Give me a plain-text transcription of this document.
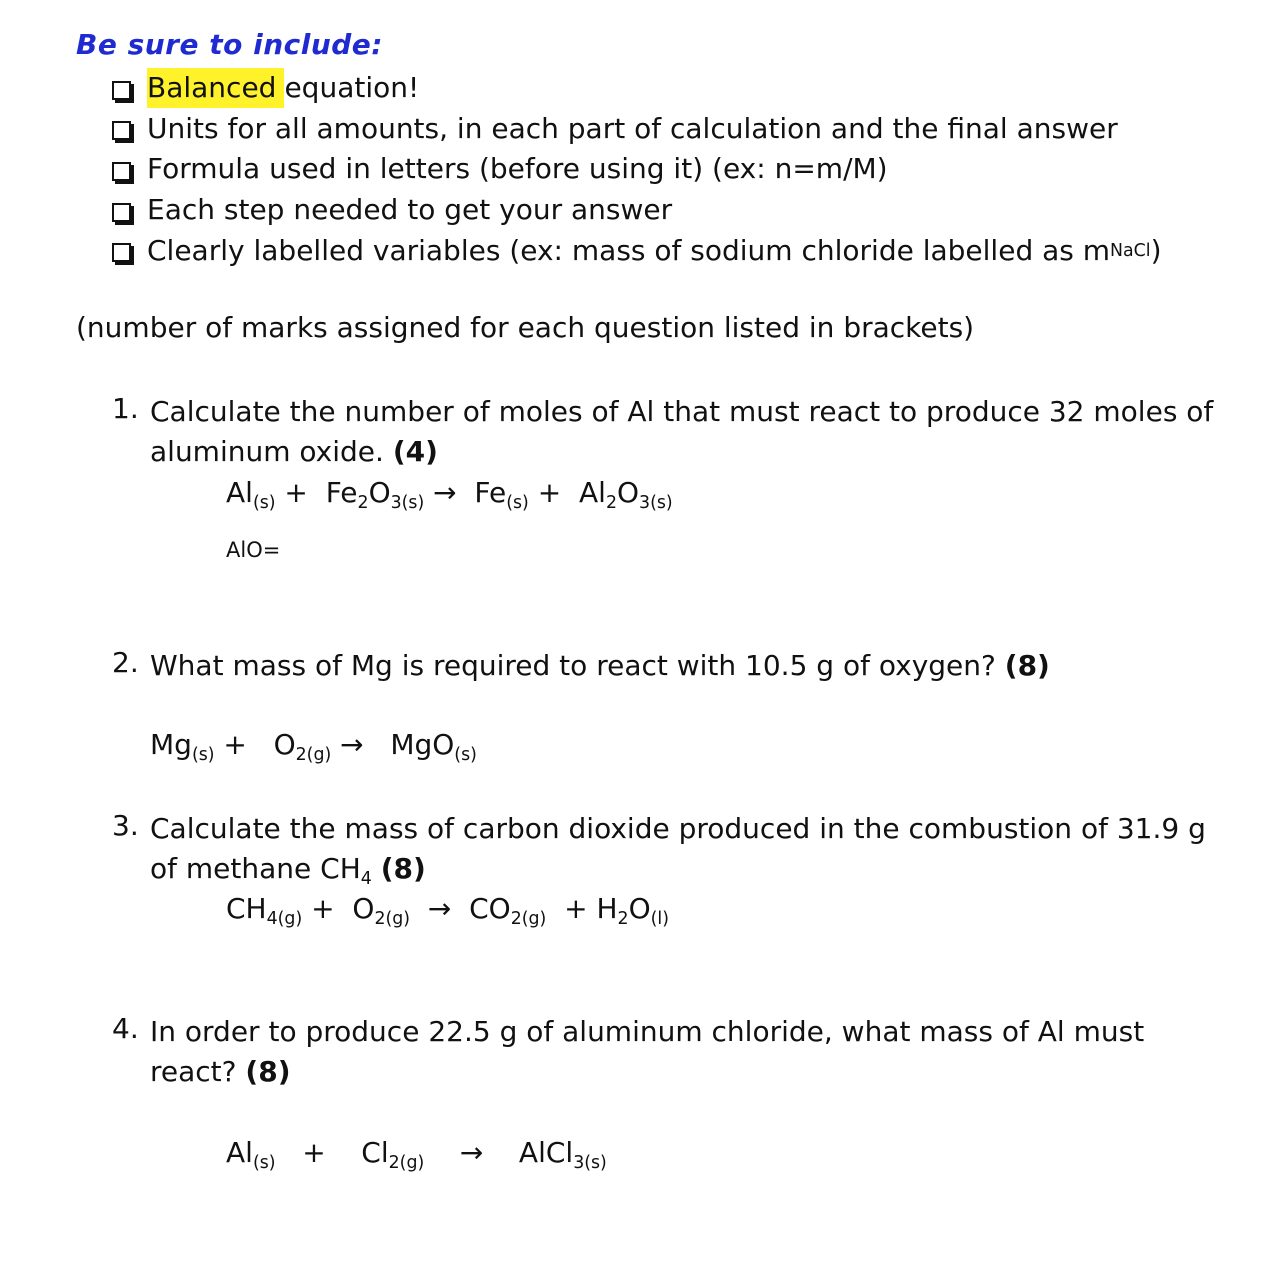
Be sure to include:
Balanced equation!
Units for all amounts, in each part of calculation and the final answer
Formula used in letters (before using it) (ex: n=m/M)
Each step needed to get your answer
Clearly labelled variables (ex: mass of sodium chloride labelled as m NaCl )
(number of marks assigned for each question listed in brackets)
1. Calculate the number of moles of Al that must react to produce 32 moles of
aluminum oxide. (4)
$Al_{(s)} + Fe_2O_{3(s)} \to Fe_{(s)} + Al_2O_{3(s)}$
AlO=
2. What mass of Mg is required to react with 10.5 g of oxygen? (8)
$Mg_{(s)} + O_{2(g)} \to MgO_{(s)}$
3. Calculate the mass of carbon dioxide produced in the combustion of 31.9 g
of methane $CH_4$ (8)
$CH_{4(g)} + O_{2(g)} \to CO_{2(g)} + H_2O_{(l)}$
4. In order to produce 22.5 g of aluminum chloride, what mass of Al must
react? (8)
$Al_{(s)}$   +    $Cl_{2(g)}$    →    AlCl$_{3(s)}$
